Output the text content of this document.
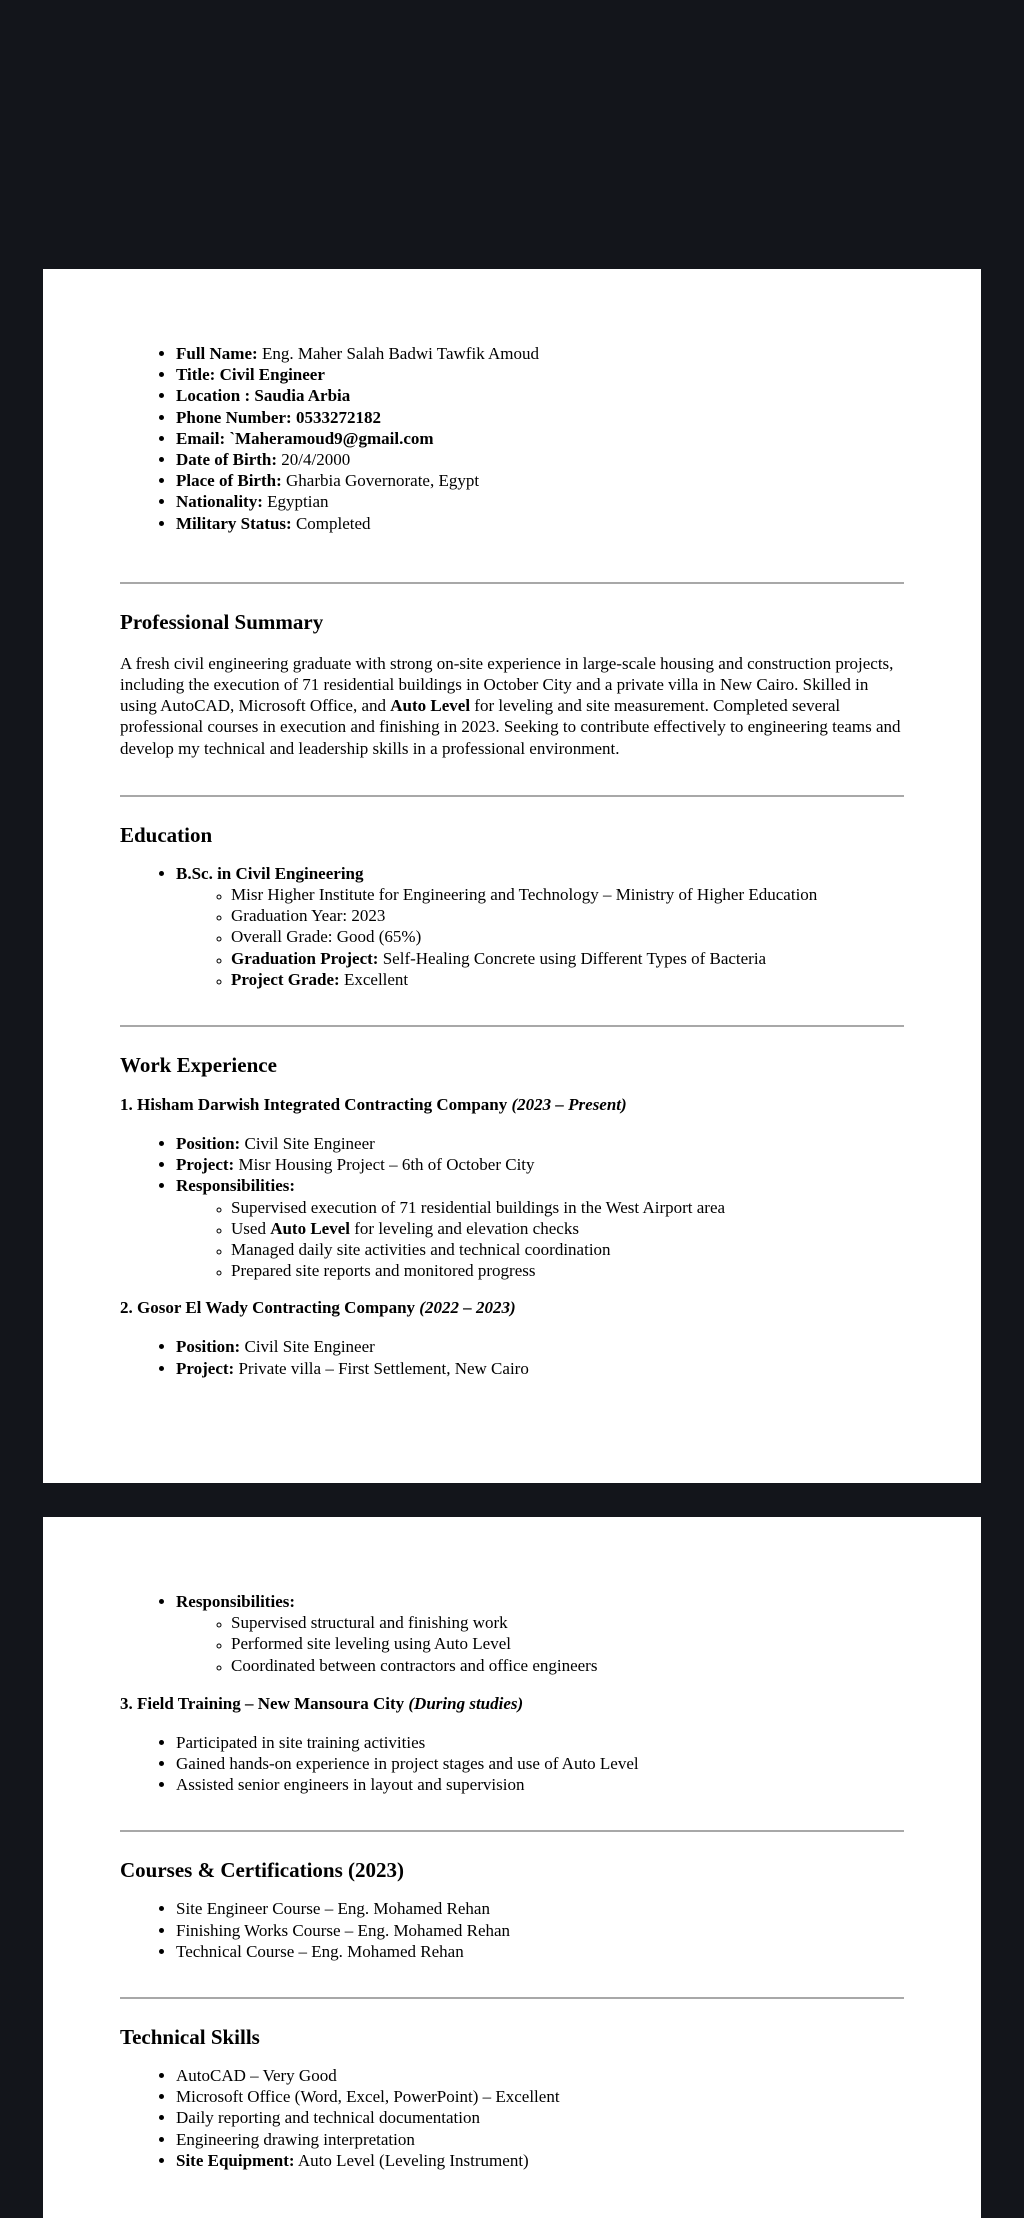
• Full Name: Eng. Maher Salah Badwi Tawfik Amoud
• Title: Civil Engineer
• Location : Saudia Arbia
• Phone Number: 0533272182
• Email: `Maheramoud9@gmail.com
• Date of Birth: 20/4/2000
• Place of Birth: Gharbia Governorate, Egypt
• Nationality: Egyptian
• Military Status: Completed
Professional Summary

A fresh civil engineering graduate with strong on-site experience in large-scale housing and construction projects, including the execution of 71 residential buildings in October City and a private villa in New Cairo. Skilled in using AutoCAD, Microsoft Office, and Auto Level for leveling and site measurement. Completed several professional courses in execution and finishing in 2023. Seeking to contribute effectively to engineering teams and develop my technical and leadership skills in a professional environment.

Education
• B.Sc. in Civil Engineering
◦ Misr Higher Institute for Engineering and Technology – Ministry of Higher Education
◦ Graduation Year: 2023
◦ Overall Grade: Good (65%)
◦ Graduation Project: Self-Healing Concrete using Different Types of Bacteria
◦ Project Grade: Excellent
Work Experience
1. Hisham Darwish Integrated Contracting Company (2023 – Present)
• Position: Civil Site Engineer
• Project: Misr Housing Project – 6th of October City
• Responsibilities:
◦ Supervised execution of 71 residential buildings in the West Airport area
◦ Used Auto Level for leveling and elevation checks
◦ Managed daily site activities and technical coordination
◦ Prepared site reports and monitored progress
2. Gosor El Wady Contracting Company (2022 – 2023)
• Position: Civil Site Engineer
• Project: Private villa – First Settlement, New Cairo
• Responsibilities:
◦ Supervised structural and finishing work
◦ Performed site leveling using Auto Level
◦ Coordinated between contractors and office engineers
3. Field Training – New Mansoura City (During studies)
• Participated in site training activities
• Gained hands-on experience in project stages and use of Auto Level
• Assisted senior engineers in layout and supervision
Courses & Certifications (2023)
• Site Engineer Course – Eng. Mohamed Rehan
• Finishing Works Course – Eng. Mohamed Rehan
• Technical Course – Eng. Mohamed Rehan
Technical Skills
• AutoCAD – Very Good
• Microsoft Office (Word, Excel, PowerPoint) – Excellent
• Daily reporting and technical documentation
• Engineering drawing interpretation
• Site Equipment: Auto Level (Leveling Instrument)
